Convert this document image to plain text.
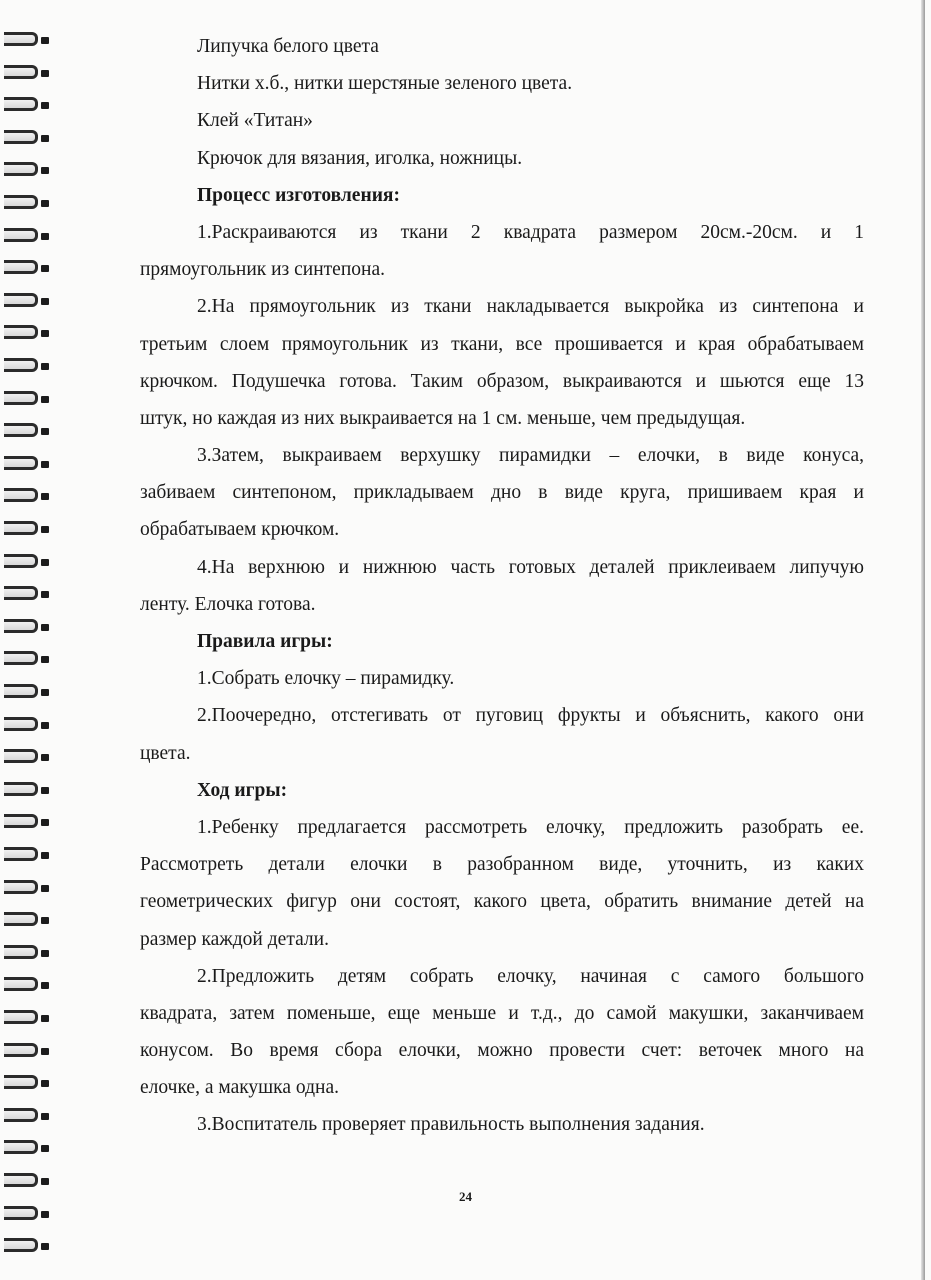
Липучка белого цвета
Нитки х.б., нитки шерстяные зеленого цвета.
Клей «Титан»
Крючок для вязания, иголка, ножницы.
Процесс изготовления:
1.Раскраиваются из ткани 2 квадрата размером 20см.-20см. и 1
прямоугольник из синтепона.
2.На прямоугольник из ткани накладывается выкройка из синтепона и
третьим слоем прямоугольник из ткани, все прошивается и края обрабатываем
крючком. Подушечка готова. Таким образом, выкраиваются и шьются еще 13
штук, но каждая из них выкраивается на 1 см. меньше, чем предыдущая.
3.Затем, выкраиваем верхушку пирамидки – елочки, в виде конуса,
забиваем синтепоном, прикладываем дно в виде круга, пришиваем края и
обрабатываем крючком.
4.На верхнюю и нижнюю часть готовых деталей приклеиваем липучую
ленту. Елочка готова.
Правила игры:
1.Собрать елочку – пирамидку.
2.Поочередно, отстегивать от пуговиц фрукты и объяснить, какого они
цвета.
Ход игры:
1.Ребенку предлагается рассмотреть елочку, предложить разобрать ее.
Рассмотреть детали елочки в разобранном виде, уточнить, из каких
геометрических фигур они состоят, какого цвета, обратить внимание детей на
размер каждой детали.
2.Предложить детям собрать елочку, начиная с самого большого
квадрата, затем поменьше, еще меньше и т.д., до самой макушки, заканчиваем
конусом. Во время сбора елочки, можно провести счет: веточек много на
елочке, а макушка одна.
3.Воспитатель проверяет правильность выполнения задания.
24
